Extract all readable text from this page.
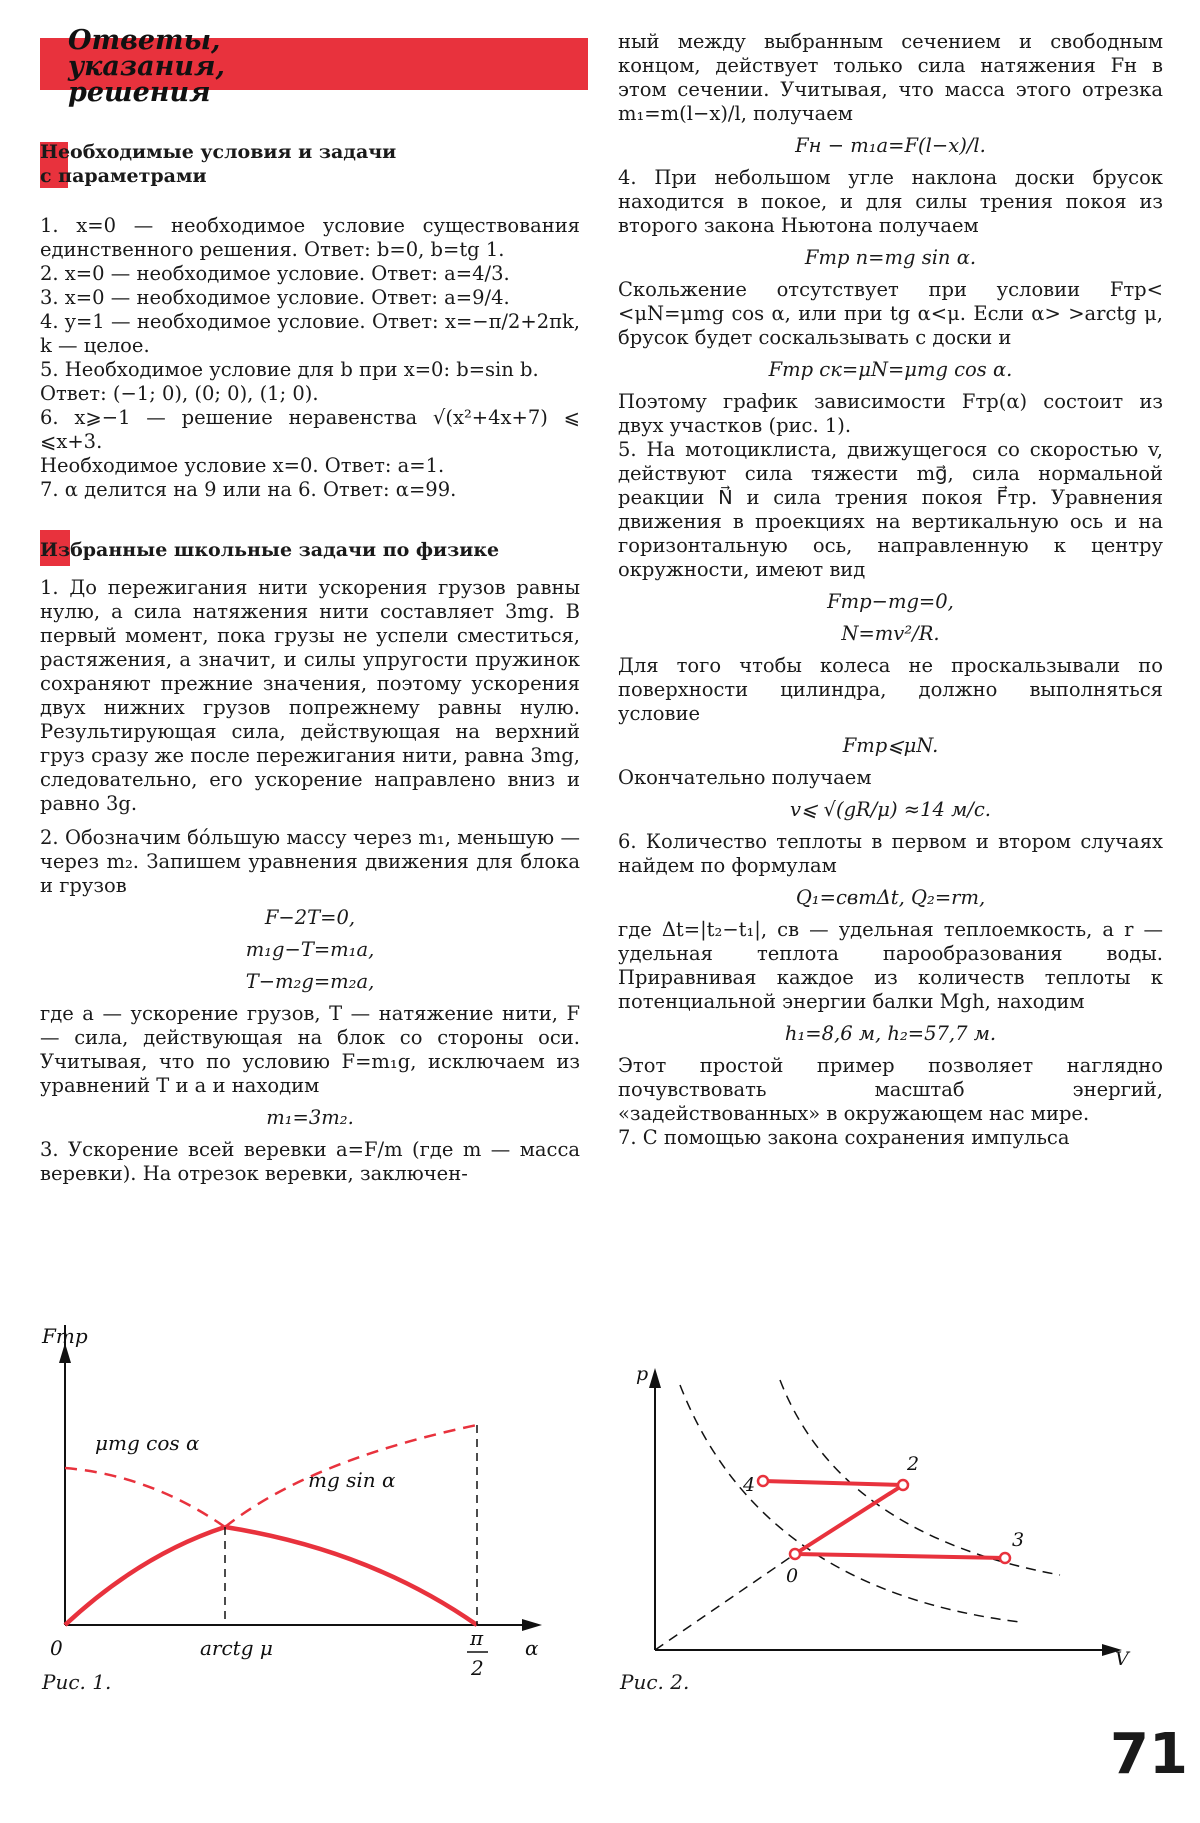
Ответы,
указания,
решения
Необходимые условия и задачи
с параметрами

1. x=0 — необходимое условие существования единственного решения. Ответ: b=0, b=tg 1.

2. x=0 — необходимое условие. Ответ: a=4/3.

3. x=0 — необходимое условие. Ответ: a=9/4.

4. y=1 — необходимое условие. Ответ: x=−π/2+2πk, k — целое.

5. Необходимое условие для b при x=0: b=sin b.

Ответ: (−1; 0), (0; 0), (1; 0).

6. x⩾−1 — решение неравенства √(x²+4x+7) ⩽ ⩽x+3.

Необходимое условие x=0. Ответ: a=1.

7. α делится на 9 или на 6. Ответ: α=99.

Избранные школьные задачи по физике

1. До пережигания нити ускорения грузов равны нулю, а сила натяжения нити составляет 3mg. В первый момент, пока грузы не успели сместиться, растяжения, а значит, и силы упругости пружинок сохраняют прежние значения, поэтому ускорения двух нижних грузов попрежнему равны нулю. Результирующая сила, действующая на верхний груз сразу же после пережигания нити, равна 3mg, следовательно, его ускорение направлено вниз и равно 3g.

2. Обозначим бóльшую массу через m₁, меньшую — через m₂. Запишем уравнения движения для блока и грузов

F−2T=0,

m₁g−T=m₁a,

T−m₂g=m₂a,

где a — ускорение грузов, T — натяжение нити, F — сила, действующая на блок со стороны оси. Учитывая, что по условию F=m₁g, исключаем из уравнений T и a и находим

m₁=3m₂.

3. Ускорение всей веревки a=F/m (где m — масса веревки). На отрезок веревки, заключен-

ный между выбранным сечением и свободным концом, действует только сила натяжения Fн в этом сечении. Учитывая, что масса этого отрезка m₁=m(l−x)/l, получаем

Fн − m₁a=F(l−x)/l.

4. При небольшом угле наклона доски брусок находится в покое, и для силы трения покоя из второго закона Ньютона получаем

Fтр п=mg sin α.

Скольжение отсутствует при условии Fтр< <μN=μmg cos α, или при tg α<μ. Если α> >arctg μ, брусок будет соскальзывать с доски и

Fтр ск=μN=μmg cos α.

Поэтому график зависимости Fтр(α) состоит из двух участков (рис. 1).

5. На мотоциклиста, движущегося со скоростью v, действуют сила тяжести mg⃗, сила нормальной реакции N⃗ и сила трения покоя F⃗тр. Уравнения движения в проекциях на вертикальную ось и на горизонтальную ось, направленную к центру окружности, имеют вид

Fтр−mg=0,

N=mv²/R.

Для того чтобы колеса не проскальзывали по поверхности цилиндра, должно выполняться условие

Fтр⩽μN.

Окончательно получаем

v⩽ √(gR/μ) ≈14 м/с.

6. Количество теплоты в первом и втором случаях найдем по формулам

Q₁=cвmΔt, Q₂=rm,

где Δt=|t₂−t₁|, cв — удельная теплоемкость, а r — удельная теплота парообразования воды. Приравнивая каждое из количеств теплоты к потенциальной энергии балки Mgh, находим

h₁=8,6 м, h₂=57,7 м.

Этот простой пример позволяет наглядно почувствовать масштаб энергий, «задействованных» в окружающем нас мире.

7. С помощью закона сохранения импульса

Fтр
μmg cos α
mg sin α
0	arctg μ	π
2
α
Рис. 1.
p
V
0
2
3
4
Рис. 2.
71
